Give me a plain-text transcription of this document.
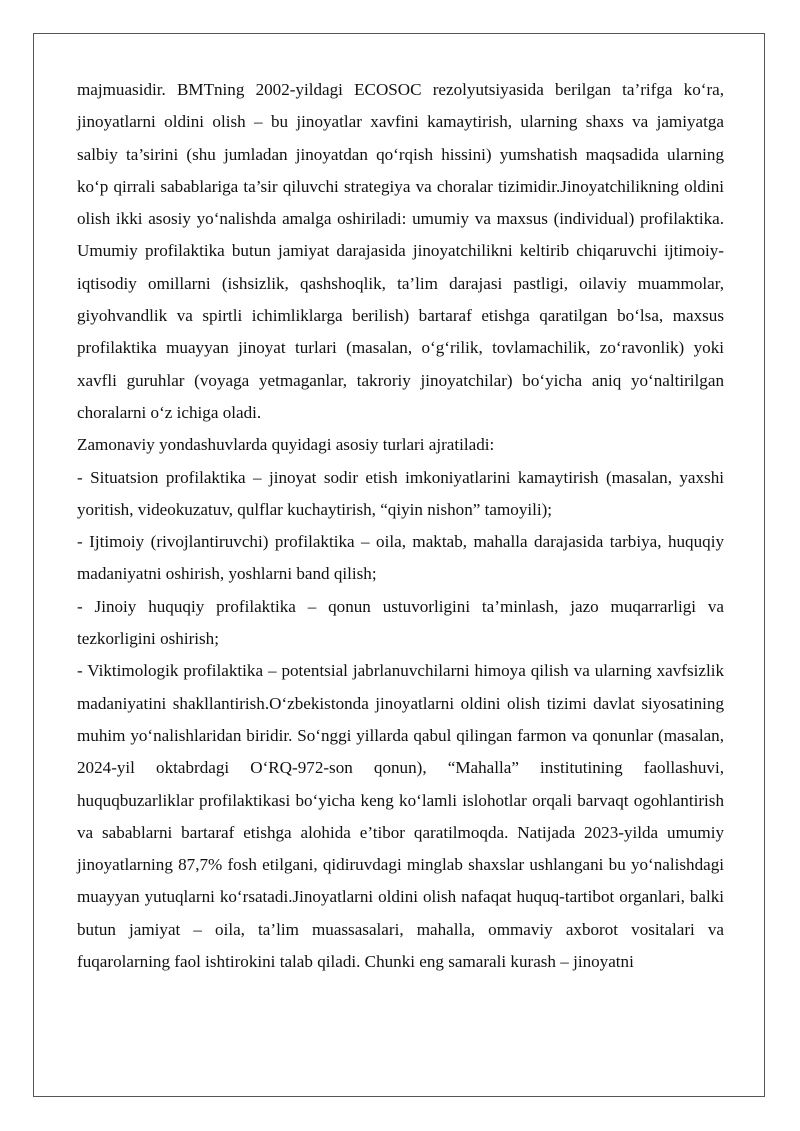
majmuasidir. BMTning 2002-yildagi ECOSOC rezolyutsiyasida berilgan ta’rifga ko‘ra, jinoyatlarni oldini olish – bu jinoyatlar xavfini kamaytirish, ularning shaxs va jamiyatga salbiy ta’sirini (shu jumladan jinoyatdan qo‘rqish hissini) yumshatish maqsadida ularning ko‘p qirrali sabablariga ta’sir qiluvchi strategiya va choralar tizimidir.Jinoyatchilikning oldini olish ikki asosiy yo‘nalishda amalga oshiriladi: umumiy va maxsus (individual) profilaktika. Umumiy profilaktika butun jamiyat darajasida jinoyatchilikni keltirib chiqaruvchi ijtimoiy-iqtisodiy omillarni (ishsizlik, qashshoqlik, ta’lim darajasi pastligi, oilaviy muammolar, giyohvandlik va spirtli ichimliklarga berilish) bartaraf etishga qaratilgan bo‘lsa, maxsus profilaktika muayyan jinoyat turlari (masalan, o‘g‘rilik, tovlamachilik, zo‘ravonlik) yoki xavfli guruhlar (voyaga yetmaganlar, takroriy jinoyatchilar) bo‘yicha aniq yo‘naltirilgan choralarni o‘z ichiga oladi.

Zamonaviy yondashuvlarda quyidagi asosiy turlari ajratiladi:

- Situatsion profilaktika – jinoyat sodir etish imkoniyatlarini kamaytirish (masalan, yaxshi yoritish, videokuzatuv, qulflar kuchaytirish, “qiyin nishon” tamoyili);

- Ijtimoiy (rivojlantiruvchi) profilaktika – oila, maktab, mahalla darajasida tarbiya, huquqiy madaniyatni oshirish, yoshlarni band qilish;

- Jinoiy huquqiy profilaktika – qonun ustuvorligini ta’minlash, jazo muqarrarligi va tezkorligini oshirish;

- Viktimologik profilaktika – potentsial jabrlanuvchilarni himoya qilish va ularning xavfsizlik madaniyatini shakllantirish.O‘zbekistonda jinoyatlarni oldini olish tizimi davlat siyosatining muhim yo‘nalishlaridan biridir. So‘nggi yillarda qabul qilingan farmon va qonunlar (masalan, 2024-yil oktabrdagi O‘RQ-972-son qonun), “Mahalla” institutining faollashuvi, huquqbuzarliklar profilaktikasi bo‘yicha keng ko‘lamli islohotlar orqali barvaqt ogohlantirish va sabablarni bartaraf etishga alohida e’tibor qaratilmoqda. Natijada 2023-yilda umumiy jinoyatlarning 87,7% fosh etilgani, qidiruvdagi minglab shaxslar ushlangani bu yo‘nalishdagi muayyan yutuqlarni ko‘rsatadi.Jinoyatlarni oldini olish nafaqat huquq-tartibot organlari, balki butun jamiyat – oila, ta’lim muassasalari, mahalla, ommaviy axborot vositalari va fuqarolarning faol ishtirokini talab qiladi. Chunki eng samarali kurash – jinoyatni
